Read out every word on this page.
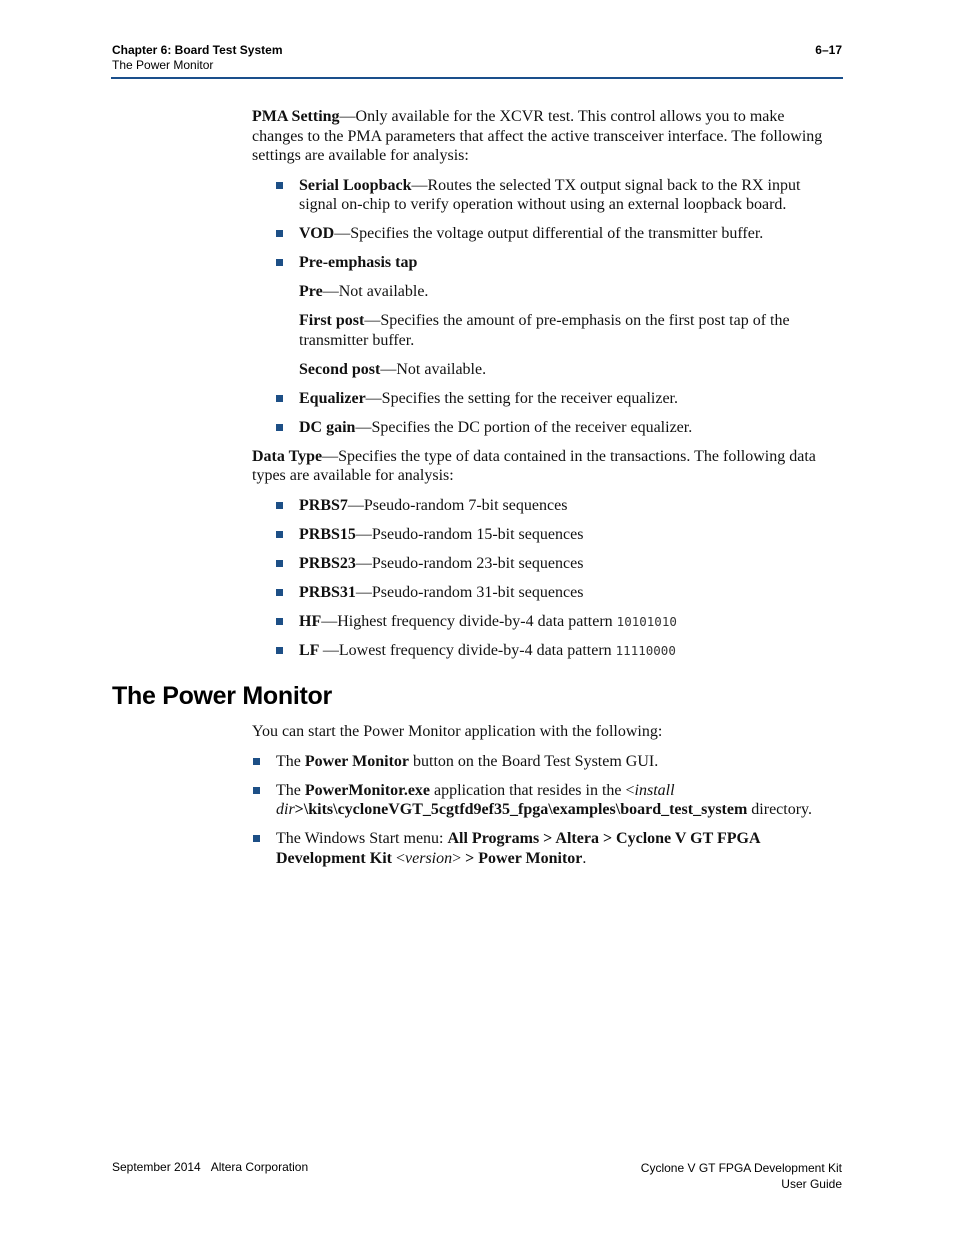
Chapter 6: Board Test System
The Power Monitor
6–17

PMA Setting—Only available for the XCVR test. This control allows you to make changes to the PMA parameters that affect the active transceiver interface. The following settings are available for analysis:

Serial Loopback—Routes the selected TX output signal back to the RX input signal on-chip to verify operation without using an external loopback board.
VOD—Specifies the voltage output differential of the transmitter buffer.
Pre-emphasis tap

Pre—Not available.

First post—Specifies the amount of pre-emphasis on the first post tap of the transmitter buffer.

Second post—Not available.

Equalizer—Specifies the setting for the receiver equalizer.
DC gain—Specifies the DC portion of the receiver equalizer.

Data Type—Specifies the type of data contained in the transactions. The following data types are available for analysis:

PRBS7—Pseudo-random 7-bit sequences
PRBS15—Pseudo-random 15-bit sequences
PRBS23—Pseudo-random 23-bit sequences
PRBS31—Pseudo-random 31-bit sequences
HF—Highest frequency divide-by-4 data pattern 10101010
LF —Lowest frequency divide-by-4 data pattern 11110000
The Power Monitor

You can start the Power Monitor application with the following:

The Power Monitor button on the Board Test System GUI.
The PowerMonitor.exe application that resides in the <install dir>\kits\cycloneVGT_5cgtfd9ef35_fpga\examples\board_test_system directory.
The Windows Start menu: All Programs > Altera > Cyclone V GT FPGA Development Kit <version> > Power Monitor.
September 2014 Altera Corporation	Cyclone V GT FPGA Development Kit
User Guide
